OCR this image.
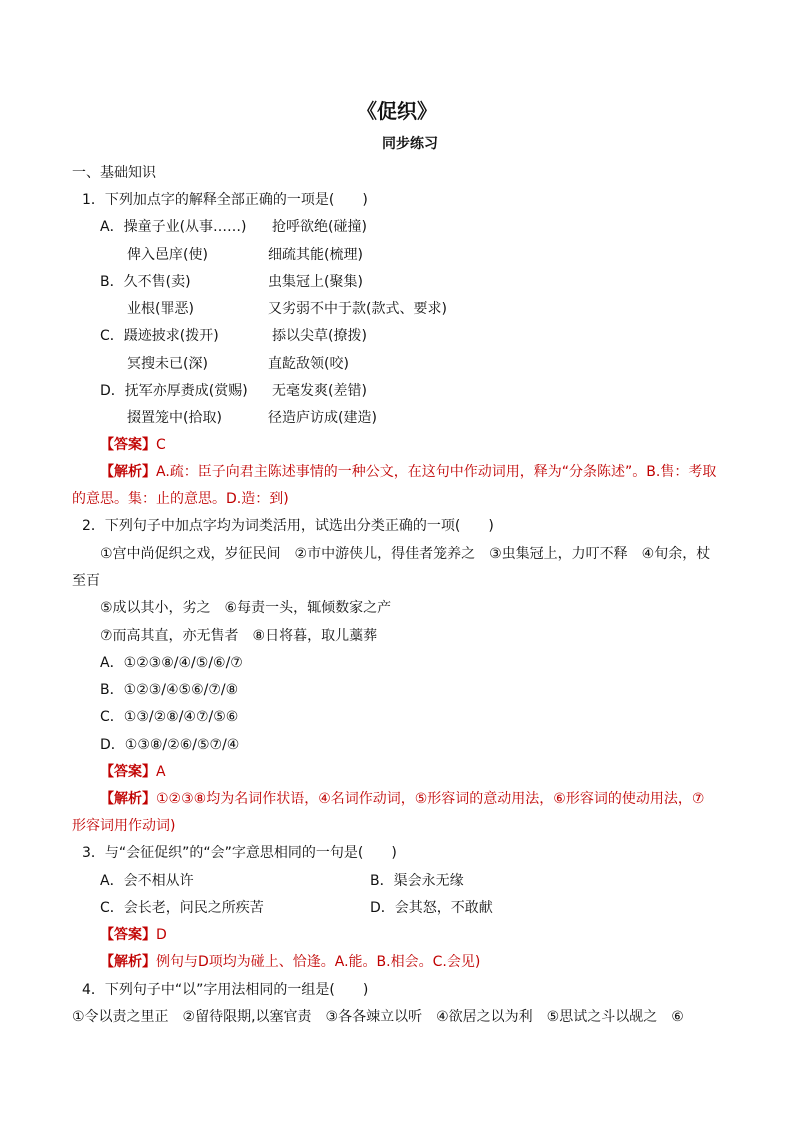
《促织》
同步练习
一、基础知识
1．下列加点字的解释全部正确的一项是(　　)
A．操童子业(从事……) 抢呼欲绝(碰撞)
俾入邑庠(使)	细疏其能(梳理)
B．久不售(卖)	虫集冠上(聚集)
业根(罪恶)	又劣弱不中于款(款式、要求)
C．蹑迹披求(拨开)	掭以尖草(撩拨)
冥搜未已(深)	直龁敌领(咬)
D．抚军亦厚赉成(赏赐) 无毫发爽(差错)
掇置笼中(拾取)	径造庐访成(建造)
【答案】C
【解析】A.疏：臣子向君主陈述事情的一种公文，在这句中作动词用，释为“分条陈述”。B.售：考取
的意思。集：止的意思。D.造：到)
2．下列句子中加点字均为词类活用，试选出分类正确的一项(　　)
①宫中尚促织之戏，岁征民间　②市中游侠儿，得佳者笼养之　③虫集冠上，力叮不释　④旬余，杖
至百
⑤成以其小，劣之　⑥每责一头，辄倾数家之产
⑦而高其直，亦无售者　⑧日将暮，取儿藁葬
A．①②③⑧/④/⑤/⑥/⑦
B．①②③/④⑤⑥/⑦/⑧
C．①③/②⑧/④⑦/⑤⑥
D．①③⑧/②⑥/⑤⑦/④
【答案】A
【解析】①②③⑧均为名词作状语，④名词作动词，⑤形容词的意动用法，⑥形容词的使动用法，⑦
形容词用作动词)
3．与“会征促织”的“会”字意思相同的一句是(　　)
A．会不相从许	B．渠会永无缘
C．会长老，问民之所疾苦	D．会其怒，不敢献
【答案】D
【解析】例句与D项均为碰上、恰逢。A.能。B.相会。C.会见)
4．下列句子中“以”字用法相同的一组是(　　)
①令以责之里正　②留待限期,以塞官责　③各各竦立以听　④欲居之以为利　⑤思试之斗以觇之　⑥
